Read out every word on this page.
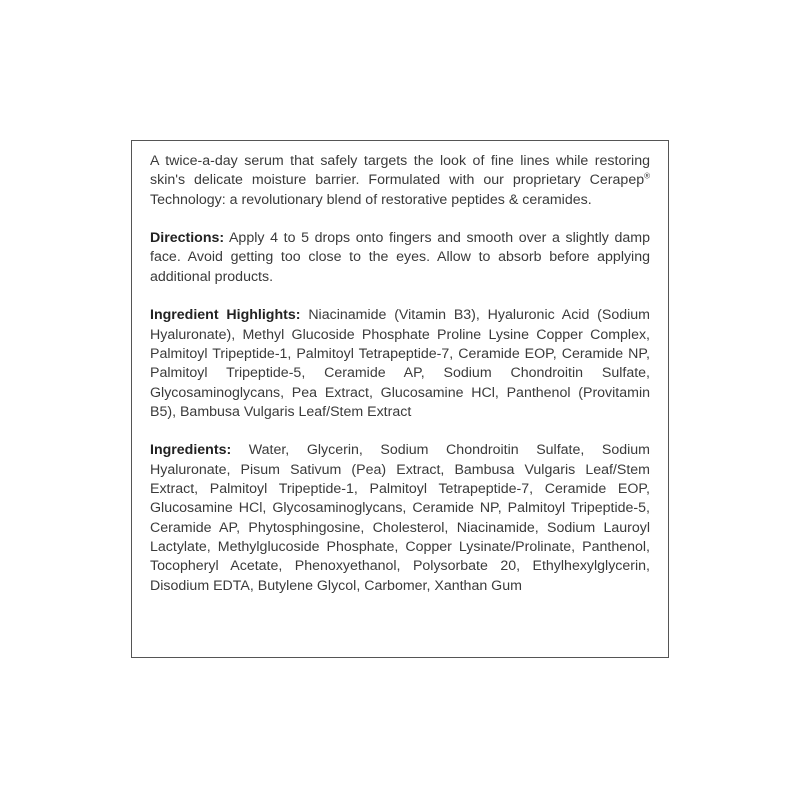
A twice-a-day serum that safely targets the look of fine lines while restoring skin's delicate moisture barrier. Formulated with our proprietary Cerapep® Technology: a revolutionary blend of restorative peptides & ceramides.

Directions: Apply 4 to 5 drops onto fingers and smooth over a slightly damp face. Avoid getting too close to the eyes. Allow to absorb before applying additional products.

Ingredient Highlights: Niacinamide (Vitamin B3), Hyaluronic Acid (Sodium Hyaluronate), Methyl Glucoside Phosphate Proline Lysine Copper Complex, Palmitoyl Tripeptide-1, Palmitoyl Tetrapeptide-7, Ceramide EOP, Ceramide NP, Palmitoyl Tripeptide-5, Ceramide AP, Sodium Chondroitin Sulfate, Glycosaminoglycans, Pea Extract, Glucosamine HCl, Panthenol (Provitamin B5), Bambusa Vulgaris Leaf/Stem Extract

Ingredients: Water, Glycerin, Sodium Chondroitin Sulfate, Sodium Hyaluronate, Pisum Sativum (Pea) Extract, Bambusa Vulgaris Leaf/Stem Extract, Palmitoyl Tripeptide-1, Palmitoyl Tetrapeptide-7, Ceramide EOP, Glucosamine HCl, Glycosaminoglycans, Ceramide NP, Palmitoyl Tripeptide-5, Ceramide AP, Phytosphingosine, Cholesterol, Niacinamide, Sodium Lauroyl Lactylate, Methylglucoside Phosphate, Copper Lysinate/Prolinate, Panthenol, Tocopheryl Acetate, Phenoxyethanol, Polysorbate 20, Ethylhexylglycerin, Disodium EDTA, Butylene Glycol, Carbomer, Xanthan Gum
